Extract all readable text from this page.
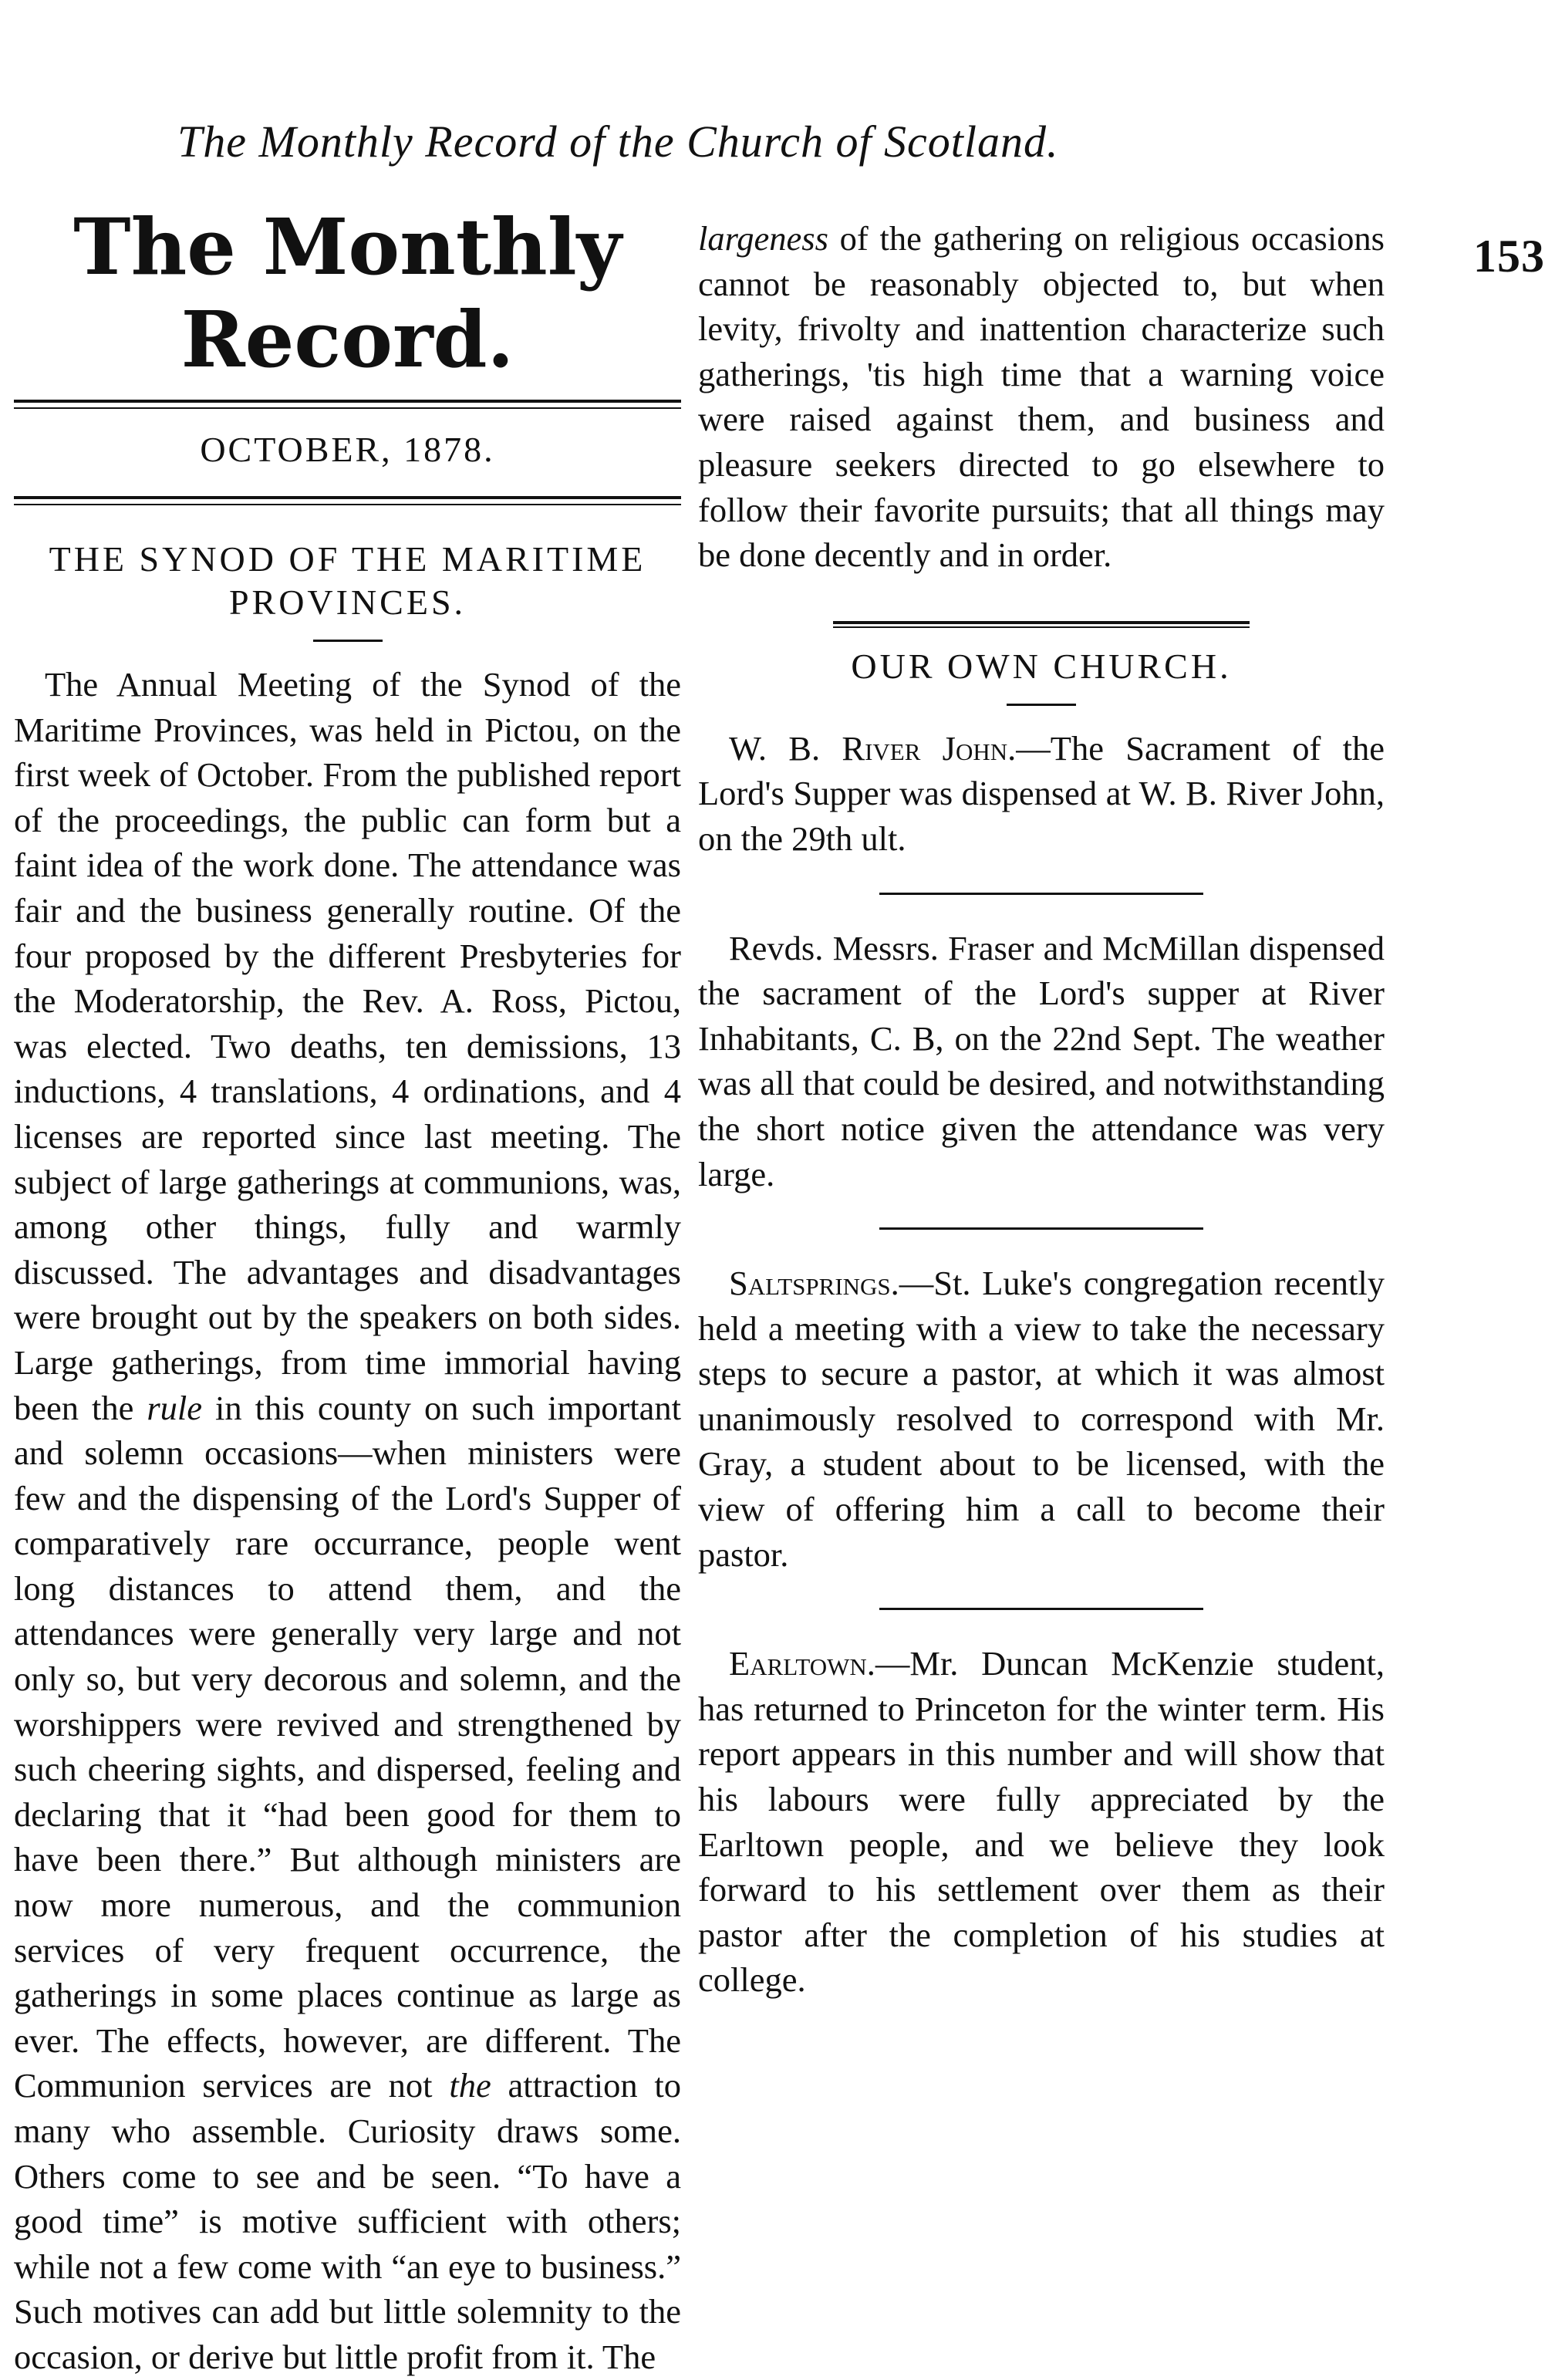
The Monthly Record of the Church of Scotland.
153
The Monthly Record.
OCTOBER, 1878.
THE SYNOD OF THE MARITIME PROVINCES.

The Annual Meeting of the Synod of the Maritime Provinces, was held in Pictou, on the first week of October. From the published report of the proceedings, the public can form but a faint idea of the work done. The attendance was fair and the business generally routine. Of the four proposed by the different Presbyteries for the Moderatorship, the Rev. A. Ross, Pictou, was elected. Two deaths, ten demissions, 13 inductions, 4 translations, 4 ordinations, and 4 licenses are reported since last meeting. The subject of large gatherings at communions, was, among other things, fully and warmly discussed. The advantages and disadvantages were brought out by the speakers on both sides. Large gatherings, from time immorial having been the rule in this county on such important and solemn occasions—when ministers were few and the dispensing of the Lord's Supper of comparatively rare occurrance, people went long distances to attend them, and the attendances were generally very large and not only so, but very decorous and solemn, and the worshippers were revived and strengthened by such cheering sights, and dispersed, feeling and declaring that it “had been good for them to have been there.” But although ministers are now more numerous, and the communion services of very frequent occurrence, the gatherings in some places continue as large as ever. The effects, however, are different. The Communion services are not the attraction to many who assemble. Curiosity draws some. Others come to see and be seen. “To have a good time” is motive sufficient with others; while not a few come with “an eye to business.” Such motives can add but little solemnity to the occasion, or derive but little profit from it. The

largeness of the gathering on religious occasions cannot be reasonably objected to, but when levity, frivolty and inattention characterize such gatherings, 'tis high time that a warning voice were raised against them, and business and pleasure seekers directed to go elsewhere to follow their favorite pursuits; that all things may be done decently and in order.

OUR OWN CHURCH.

W. B. River John.—The Sacrament of the Lord's Supper was dispensed at W. B. River John, on the 29th ult.

Revds. Messrs. Fraser and McMillan dispensed the sacrament of the Lord's supper at River Inhabitants, C. B, on the 22nd Sept. The weather was all that could be desired, and notwithstanding the short notice given the attendance was very large.

Saltsprings.—St. Luke's congregation recently held a meeting with a view to take the necessary steps to secure a pastor, at which it was almost unanimously resolved to correspond with Mr. Gray, a student about to be licensed, with the view of offering him a call to become their pastor.

Earltown.—Mr. Duncan McKenzie student, has returned to Princeton for the winter term. His report appears in this number and will show that his labours were fully appreciated by the Earltown people, and we believe they look forward to his settlement over them as their pastor after the completion of his studies at college.
